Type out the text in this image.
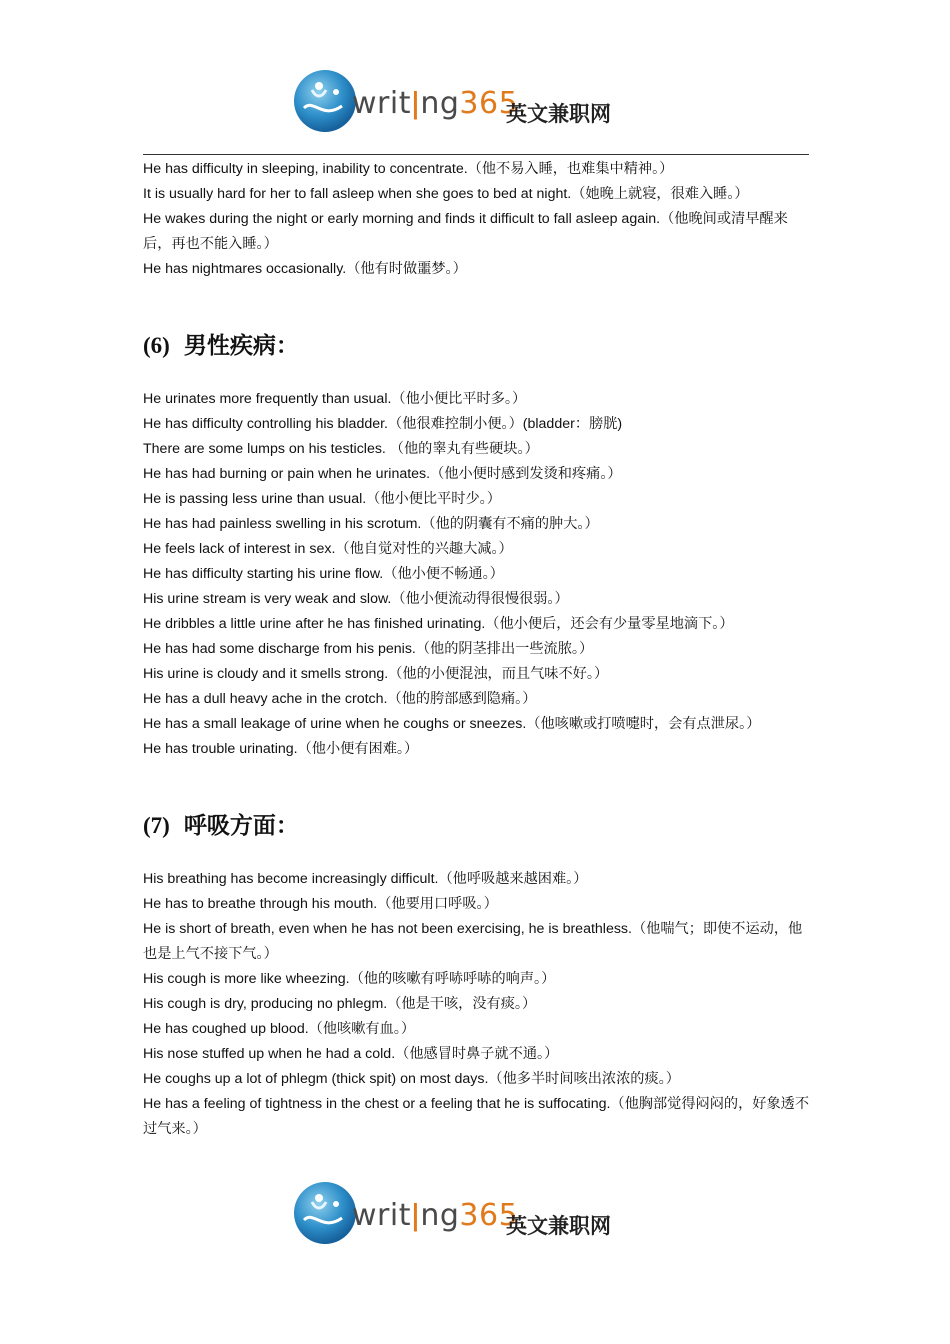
writǀng365
英文兼职网
He has difficulty in sleeping, inability to concentrate.（他不易入睡，也难集中精神。）
It is usually hard for her to fall asleep when she goes to bed at night.（她晚上就寝，很难入睡。）
He wakes during the night or early morning and finds it difficult to fall asleep again.（他晚间或清早醒来后，再也不能入睡。）
He has nightmares occasionally.（他有时做噩梦。）
(6) 男性疾病：
He urinates more frequently than usual.（他小便比平时多。）
He has difficulty controlling his bladder.（他很难控制小便。）(bladder：膀胱)
There are some lumps on his testicles. （他的睾丸有些硬块。）
He has had burning or pain when he urinates.（他小便时感到发烫和疼痛。）
He is passing less urine than usual.（他小便比平时少。）
He has had painless swelling in his scrotum.（他的阴囊有不痛的肿大。）
He feels lack of interest in sex.（他自觉对性的兴趣大减。）
He has difficulty starting his urine flow.（他小便不畅通。）
His urine stream is very weak and slow.（他小便流动得很慢很弱。）
He dribbles a little urine after he has finished urinating.（他小便后，还会有少量零星地滴下。）
He has had some discharge from his penis.（他的阴茎排出一些流脓。）
His urine is cloudy and it smells strong.（他的小便混浊，而且气味不好。）
He has a dull heavy ache in the crotch.（他的胯部感到隐痛。）
He has a small leakage of urine when he coughs or sneezes.（他咳嗽或打喷嚏时，会有点泄尿。）
He has trouble urinating.（他小便有困难。）
(7) 呼吸方面：
His breathing has become increasingly difficult.（他呼吸越来越困难。）
He has to breathe through his mouth.（他要用口呼吸。）
He is short of breath, even when he has not been exercising, he is breathless.（他喘气；即使不运动，他也是上气不接下气。）
His cough is more like wheezing.（他的咳嗽有呼哧呼哧的响声。）
His cough is dry, producing no phlegm.（他是干咳，没有痰。）
He has coughed up blood.（他咳嗽有血。）
His nose stuffed up when he had a cold.（他感冒时鼻子就不通。）
He coughs up a lot of phlegm (thick spit) on most days.（他多半时间咳出浓浓的痰。）
He has a feeling of tightness in the chest or a feeling that he is suffocating.（他胸部觉得闷闷的，好象透不过气来。）
writǀng365
英文兼职网
